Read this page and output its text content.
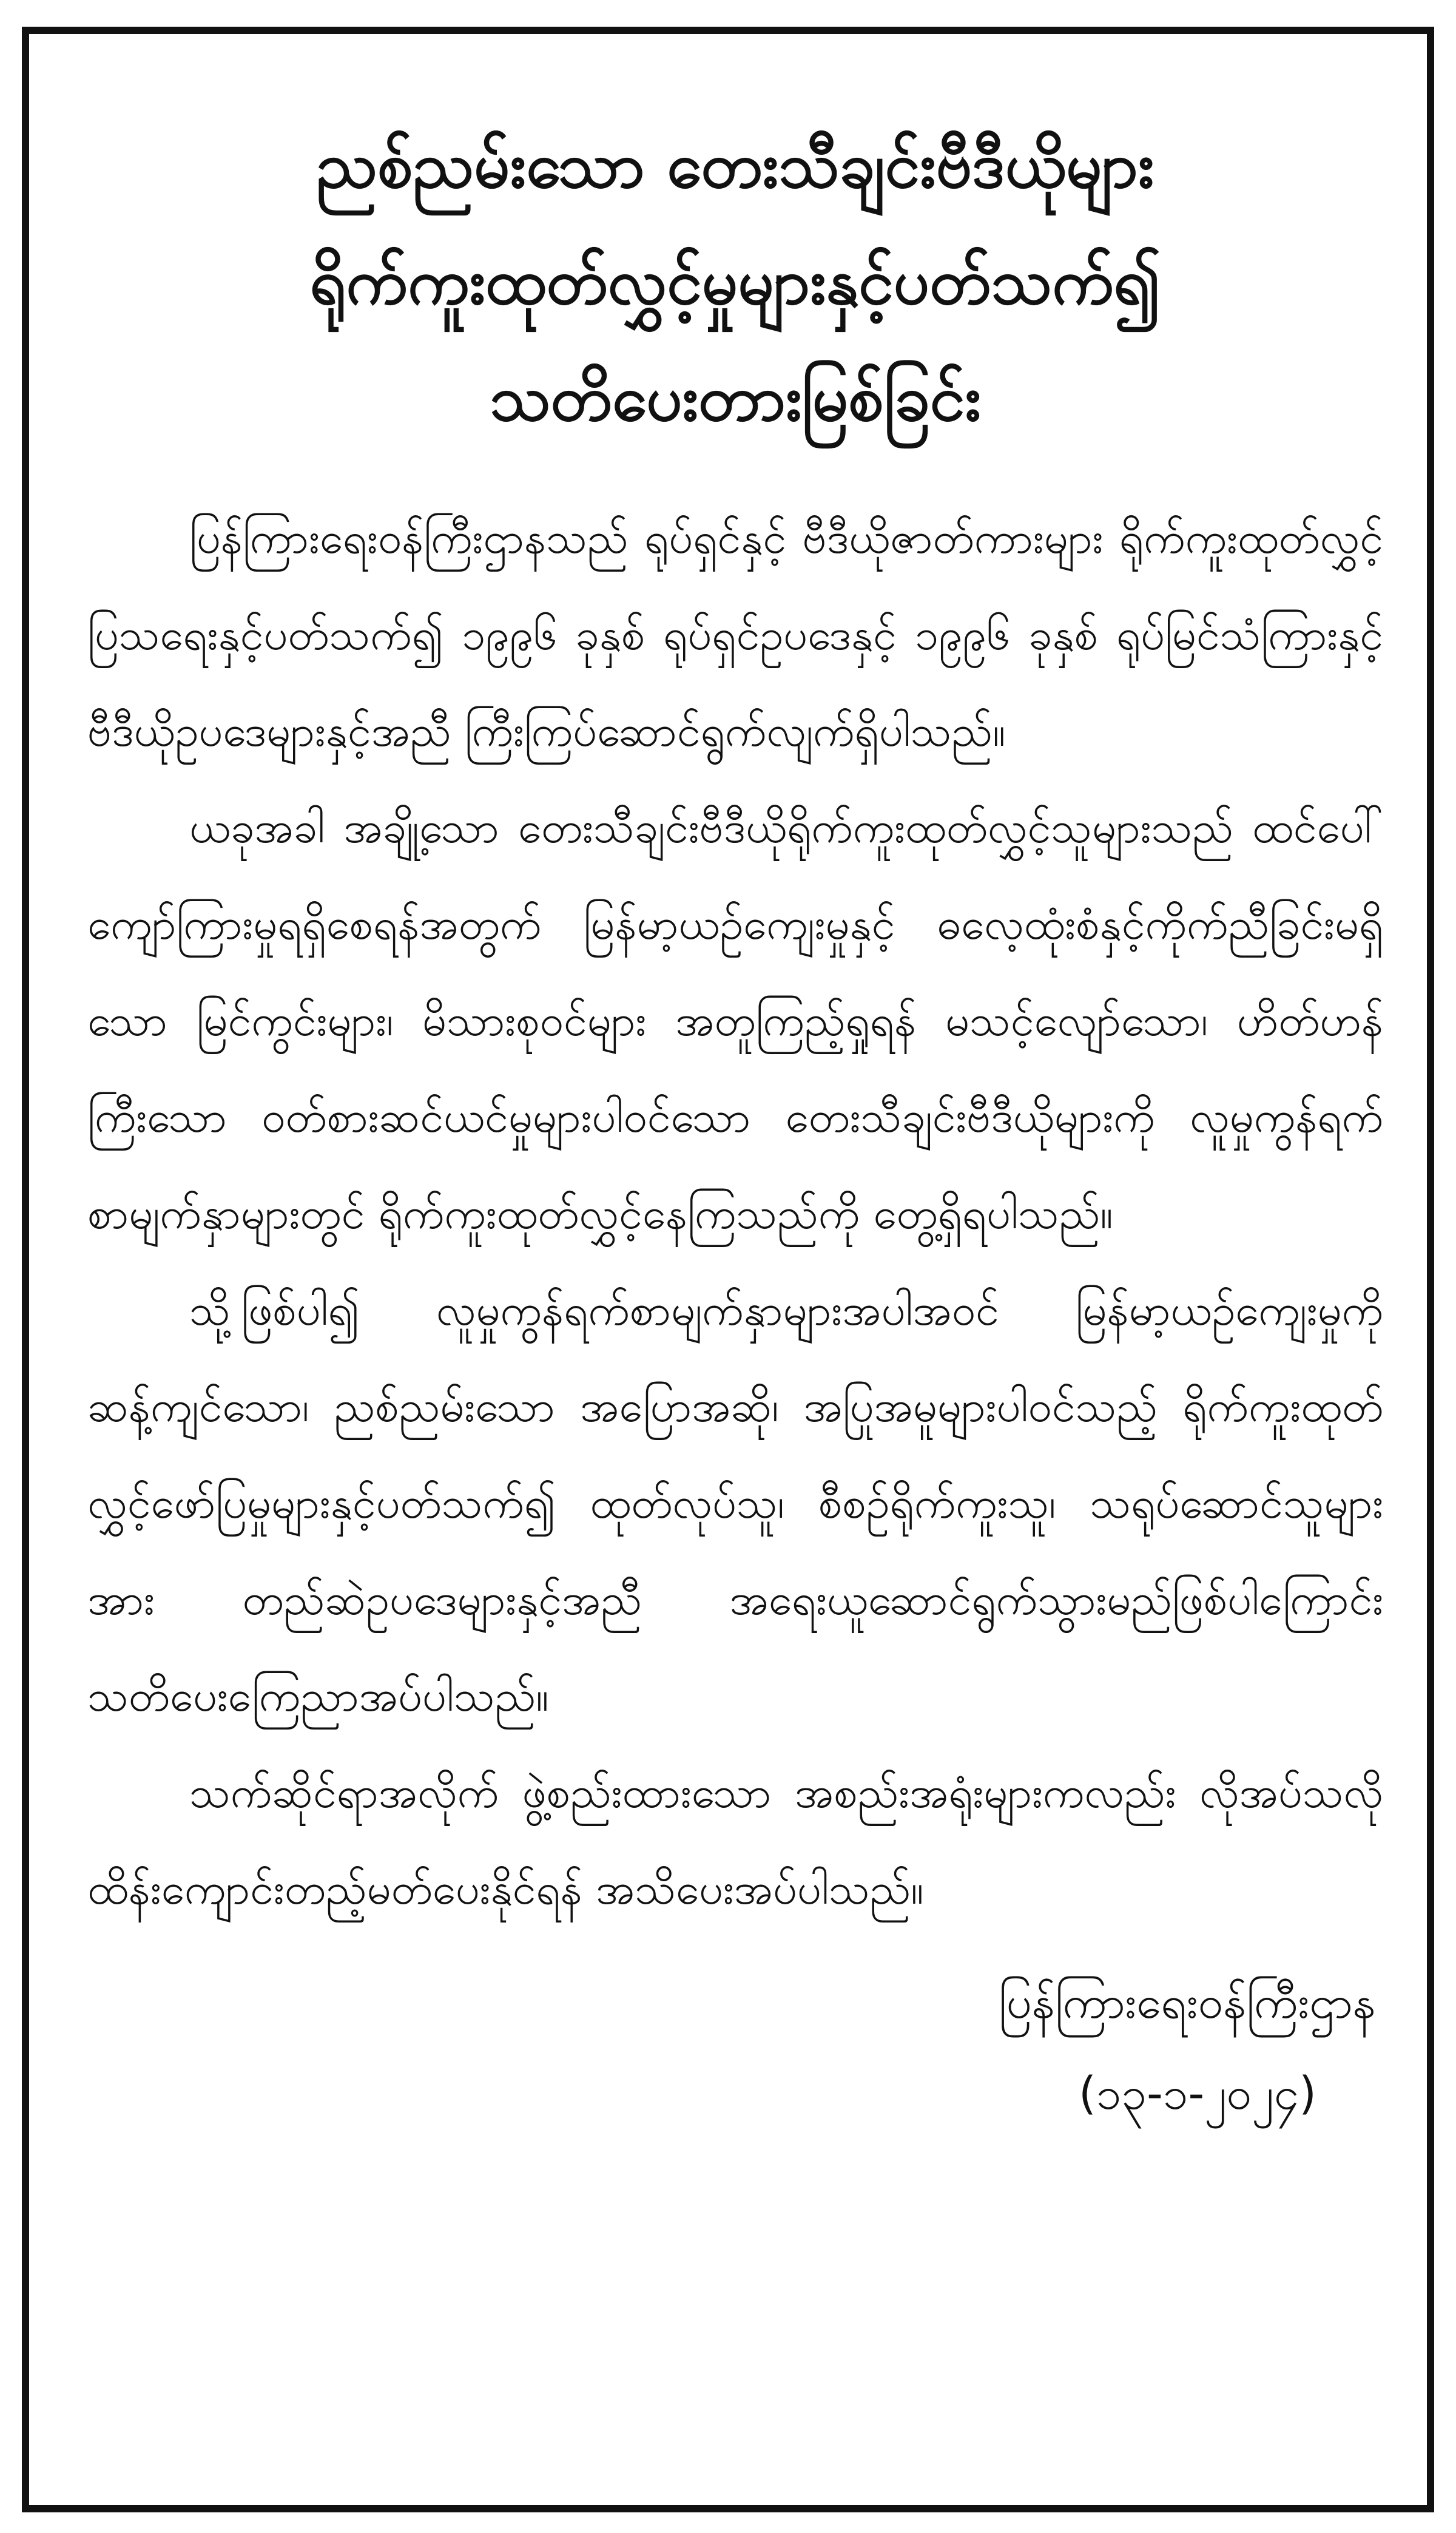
ညစ်ညမ်းသော တေးသီချင်းဗီဒီယိုများ
ရိုက်ကူးထုတ်လွှင့်မှုများနှင့်ပတ်သက်၍
သတိပေးတားမြစ်ခြင်း

ပြန်ကြားရေးဝန်ကြီးဌာနသည် ရုပ်ရှင်နှင့် ဗီဒီယိုဇာတ်ကားများ ရိုက်ကူးထုတ်လွှင့်ပြသရေးနှင့်ပတ်သက်၍ ၁၉၉၆ ခုနှစ် ရုပ်ရှင်ဥပဒေနှင့် ၁၉၉၆ ခုနှစ် ရုပ်မြင်သံကြားနှင့် ဗီဒီယိုဥပဒေများနှင့်အညီ ကြီးကြပ်ဆောင်ရွက်လျက်ရှိပါသည်။

ယခုအခါ အချို့သော တေးသီချင်းဗီဒီယိုရိုက်ကူးထုတ်လွှင့်သူများသည် ထင်ပေါ်ကျော်ကြားမှုရရှိစေရန်အတွက် မြန်မာ့ယဉ်ကျေးမှုနှင့် ဓလေ့ထုံးစံနှင့်ကိုက်ညီခြင်းမရှိသော မြင်ကွင်းများ၊ မိသားစုဝင်များ အတူကြည့်ရှုရန် မသင့်လျော်သော၊ ဟိတ်ဟန်ကြီးသော ဝတ်စားဆင်ယင်မှုများပါဝင်သော တေးသီချင်းဗီဒီယိုများကို လူမှုကွန်ရက်စာမျက်နှာများတွင် ရိုက်ကူးထုတ်လွှင့်နေကြသည်ကို တွေ့ရှိရပါသည်။

သို့ဖြစ်ပါ၍ လူမှုကွန်ရက်စာမျက်နှာများအပါအဝင် မြန်မာ့ယဉ်ကျေးမှုကို ဆန့်ကျင်သော၊ ညစ်ညမ်းသော အပြောအဆို၊ အပြုအမူများပါဝင်သည့် ရိုက်ကူးထုတ်လွှင့်ဖော်ပြမှုများနှင့်ပတ်သက်၍ ထုတ်လုပ်သူ၊ စီစဉ်ရိုက်ကူးသူ၊ သရုပ်ဆောင်သူများအား တည်ဆဲဥပဒေများနှင့်အညီ အရေးယူဆောင်ရွက်သွားမည်ဖြစ်ပါကြောင်း သတိပေးကြေညာအပ်ပါသည်။

သက်ဆိုင်ရာအလိုက် ဖွဲ့စည်းထားသော အစည်းအရုံးများကလည်း လိုအပ်သလို ထိန်းကျောင်းတည့်မတ်ပေးနိုင်ရန် အသိပေးအပ်ပါသည်။

ပြန်ကြားရေးဝန်ကြီးဌာန
(၁၃-၁-၂၀၂၄)
